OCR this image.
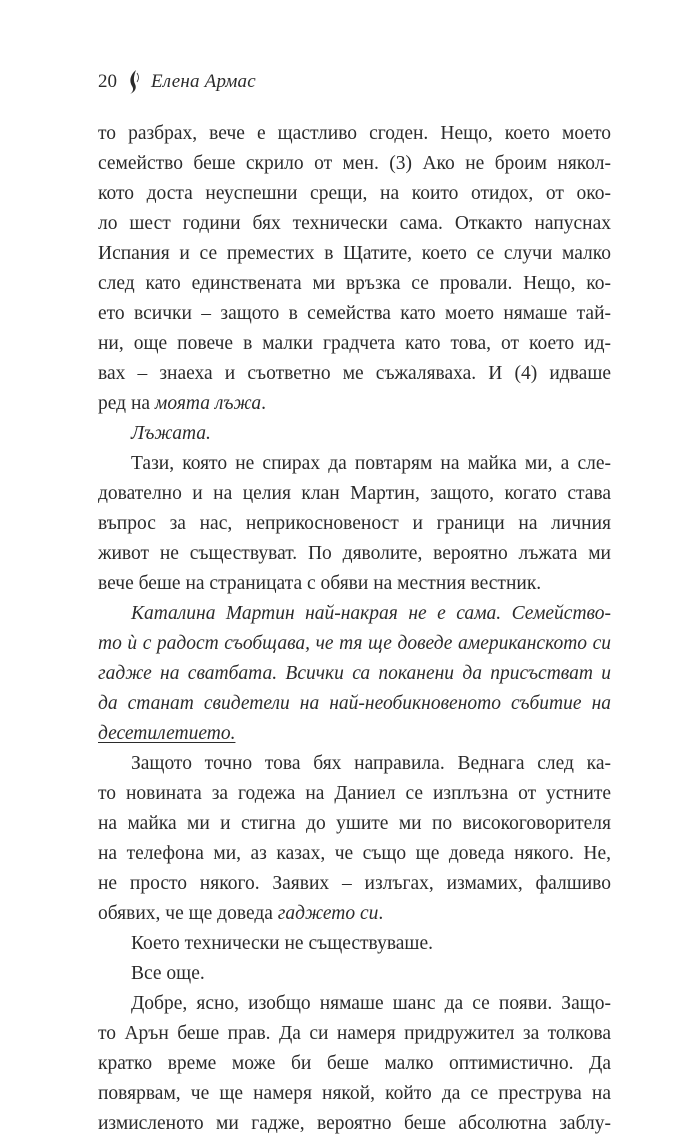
20 Елена Армас
то разбрах, вече е щастливо сгоден. Нещо, което моето
семейство беше скрило от мен. (3) Ако не броим някол-
кото доста неуспешни срещи, на които отидох, от око-
ло шест години бях технически сама. Откакто напуснах
Испания и се преместих в Щатите, което се случи малко
след като единствената ми връзка се провали. Нещо, ко-
ето всички – защото в семейства като моето нямаше тай-
ни, още повече в малки градчета като това, от което ид-
вах – знаеха и съответно ме съжаляваха. И (4) идваше
ред на моята лъжа.
Лъжата.
Тази, която не спирах да повтарям на майка ми, а сле-
дователно и на целия клан Мартин, защото, когато става
въпрос за нас, неприкосновеност и граници на личния
живот не съществуват. По дяволите, вероятно лъжата ми
вече беше на страницата с обяви на местния вестник.
Каталина Мартин най-накрая не е сама. Семейство-
то ѝ с радост съобщава, че тя ще доведе американското си
гадже на сватбата. Всички са поканени да присъстват и
да станат свидетели на най-необикновеното събитие на
десетилетието.
Защото точно това бях направила. Веднага след ка-
то новината за годежа на Даниел се изплъзна от устните
на майка ми и стигна до ушите ми по високоговорителя
на телефона ми, аз казах, че също ще доведа някого. Не,
не просто някого. Заявих – излъгах, измамих, фалшиво
обявих, че ще доведа гаджето си.
Което технически не съществуваше.
Все още.
Добре, ясно, изобщо нямаше шанс да се появи. Защо-
то Арън беше прав. Да си намеря придружител за толкова
кратко време може би беше малко оптимистично. Да
повярвам, че ще намеря някой, който да се преструва на
измисленото ми гадже, вероятно беше абсолютна заблу-
